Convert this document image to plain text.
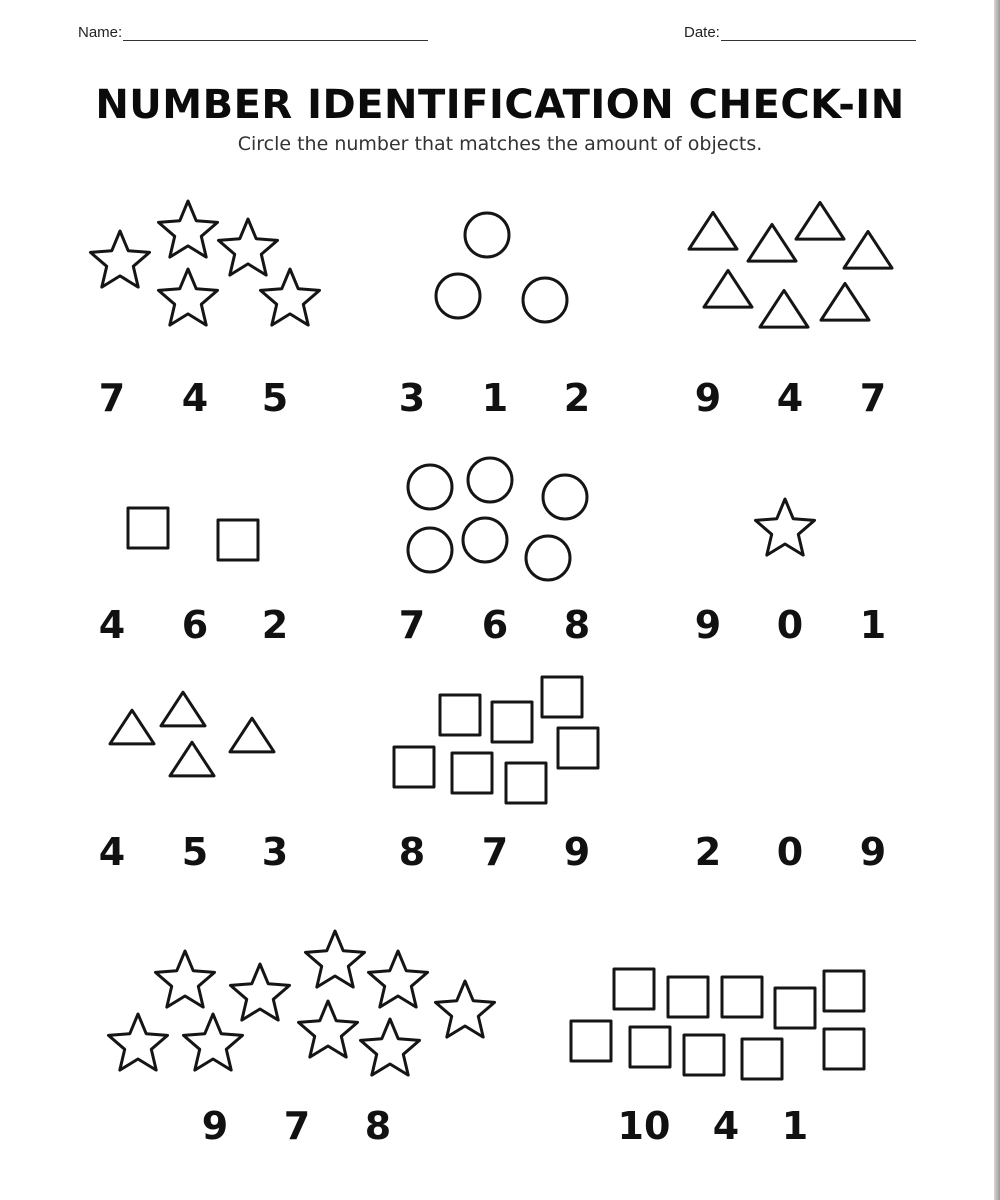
Name:	Date:
NUMBER IDENTIFICATION CHECK-IN

Circle the number that matches the amount of objects.

7	4	5	3	1	2	9	4	7
4	6	2	7	6	8	9	0	1
4	5	3	8	7	9	2	0	9
9	7	8	10	4	1
